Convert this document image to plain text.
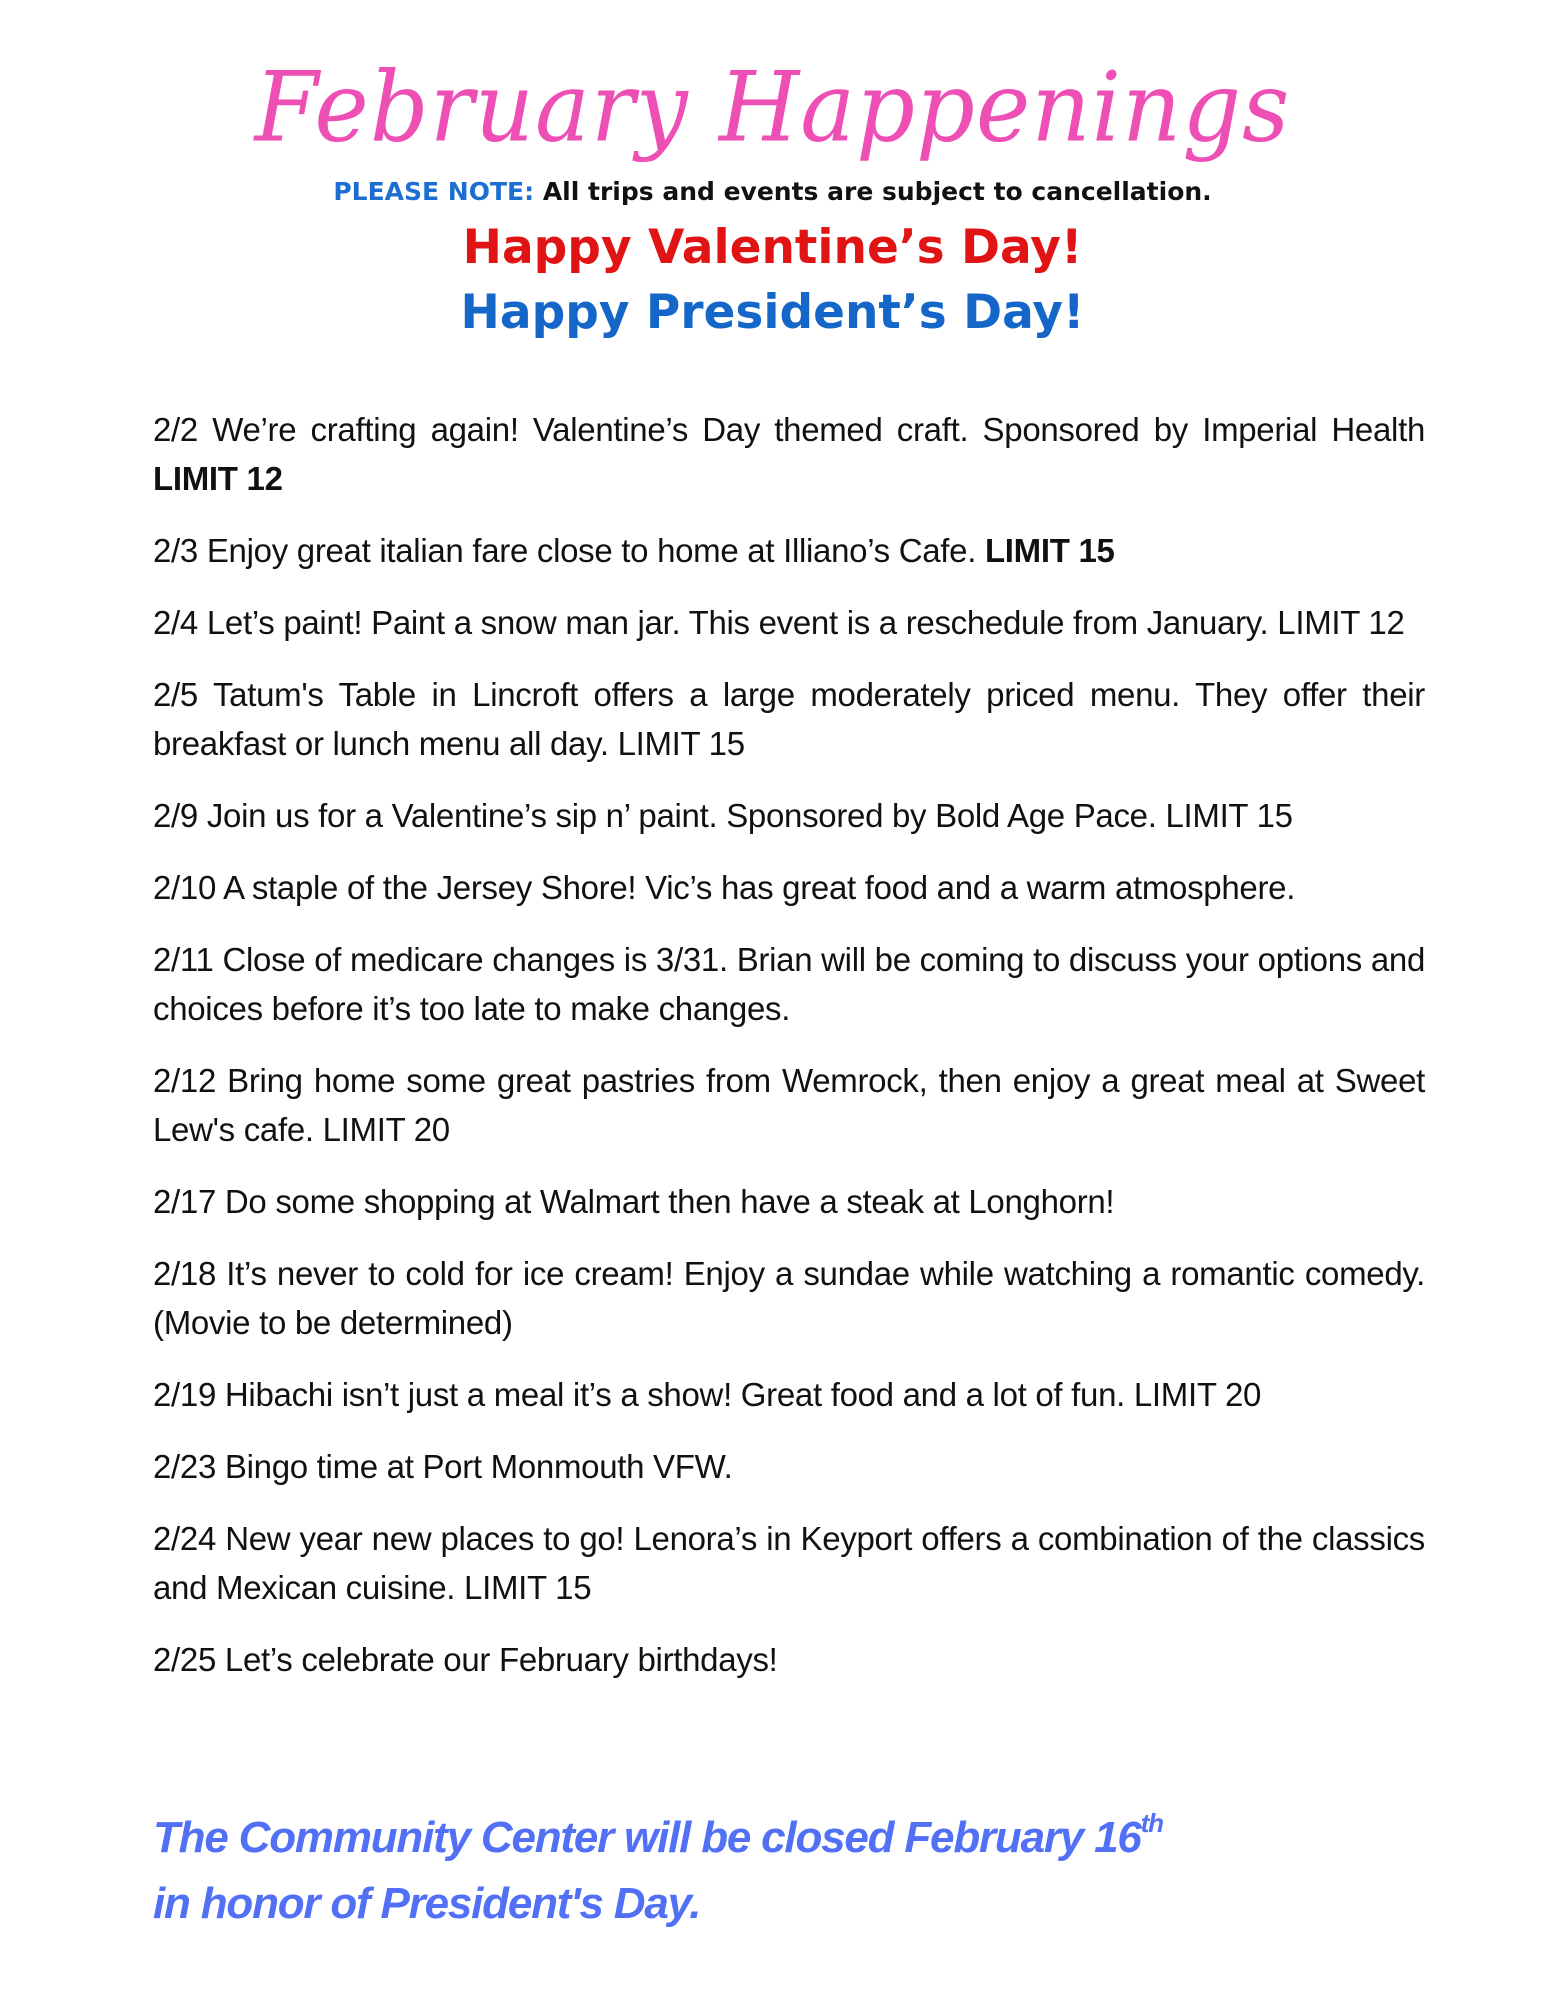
February Happenings
PLEASE NOTE: All trips and events are subject to cancellation.
Happy Valentine’s Day!
Happy President’s Day!

2/2 We’re crafting again! Valentine’s Day themed craft. Sponsored by Imperial Health LIMIT 12

2/3 Enjoy great italian fare close to home at Illiano’s Cafe. LIMIT 15

2/4 Let’s paint! Paint a snow man jar. This event is a reschedule from January. LIMIT 12

2/5 Tatum's Table in Lincroft offers a large moderately priced menu. They offer their breakfast or lunch menu all day. LIMIT 15

2/9 Join us for a Valentine’s sip n’ paint. Sponsored by Bold Age Pace. LIMIT 15

2/10 A staple of the Jersey Shore! Vic’s has great food and a warm atmosphere.

2/11 Close of medicare changes is 3/31. Brian will be coming to discuss your options and choices before it’s too late to make changes.

2/12 Bring home some great pastries from Wemrock, then enjoy a great meal at Sweet Lew's cafe. LIMIT 20

2/17 Do some shopping at Walmart then have a steak at Longhorn!

2/18 It’s never to cold for ice cream! Enjoy a sundae while watching a romantic comedy. (Movie to be determined)

2/19 Hibachi isn’t just a meal it’s a show! Great food and a lot of fun. LIMIT 20

2/23 Bingo time at Port Monmouth VFW.

2/24 New year new places to go! Lenora’s in Keyport offers a combination of the classics and Mexican cuisine. LIMIT 15

2/25 Let’s celebrate our February birthdays!

The Community Center will be closed February 16th
in honor of President's Day.
